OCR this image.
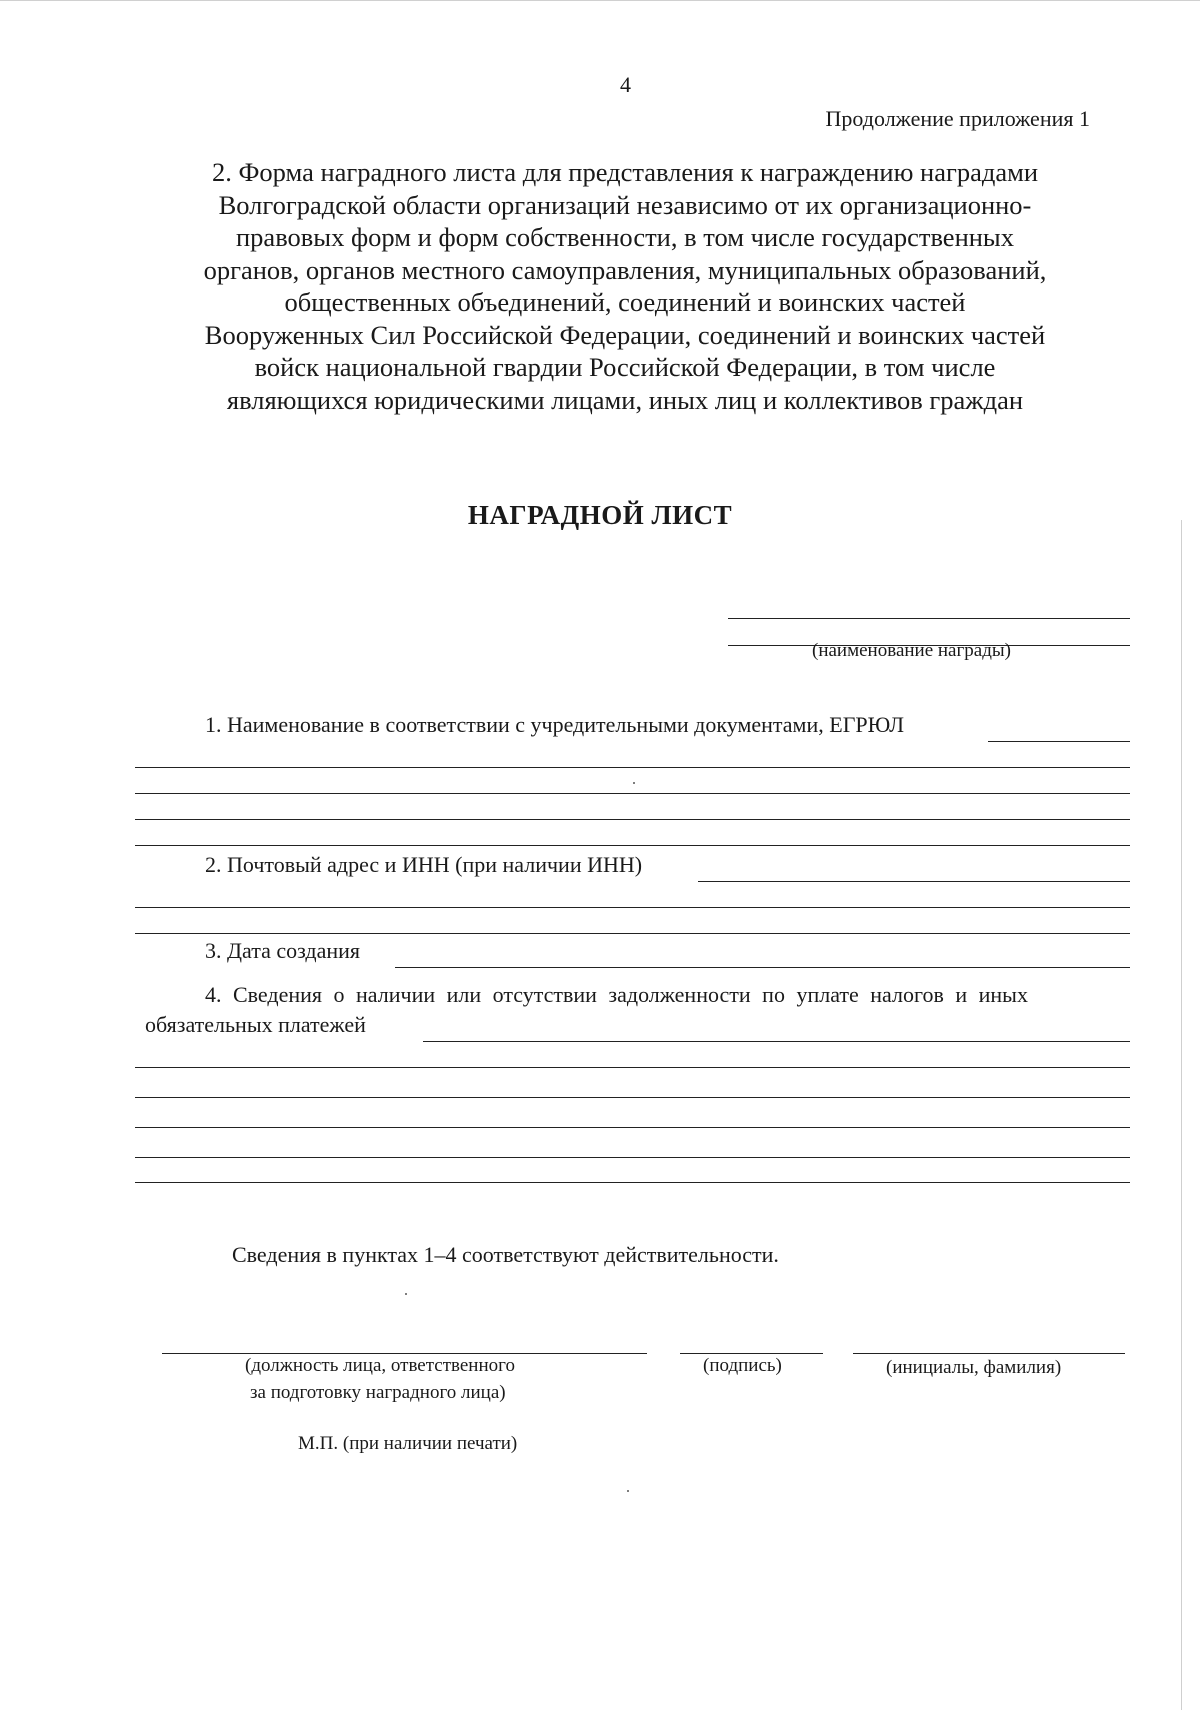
4
Продолжение приложения 1
2. Форма наградного листа для представления к награждению наградами
Волгоградской области организаций независимо от их организационно-
правовых форм и форм собственности, в том числе государственных
органов, органов местного самоуправления, муниципальных образований,
общественных объединений, соединений и воинских частей
Вооруженных Сил Российской Федерации, соединений и воинских частей
войск национальной гвардии Российской Федерации, в том числе
являющихся юридическими лицами, иных лиц и коллективов граждан
НАГРАДНОЙ ЛИСТ
(наименование награды)
1. Наименование в соответствии с учредительными документами, ЕГРЮЛ
2. Почтовый адрес и ИНН (при наличии ИНН)
3. Дата создания
4. Сведения о наличии или отсутствии задолженности по уплате налогов и иных
обязательных платежей
Сведения в пунктах 1–4 соответствуют действительности.
(должность лица, ответственного
за подготовку наградного лица)
(подпись)	(инициалы, фамилия)
М.П. (при наличии печати)
